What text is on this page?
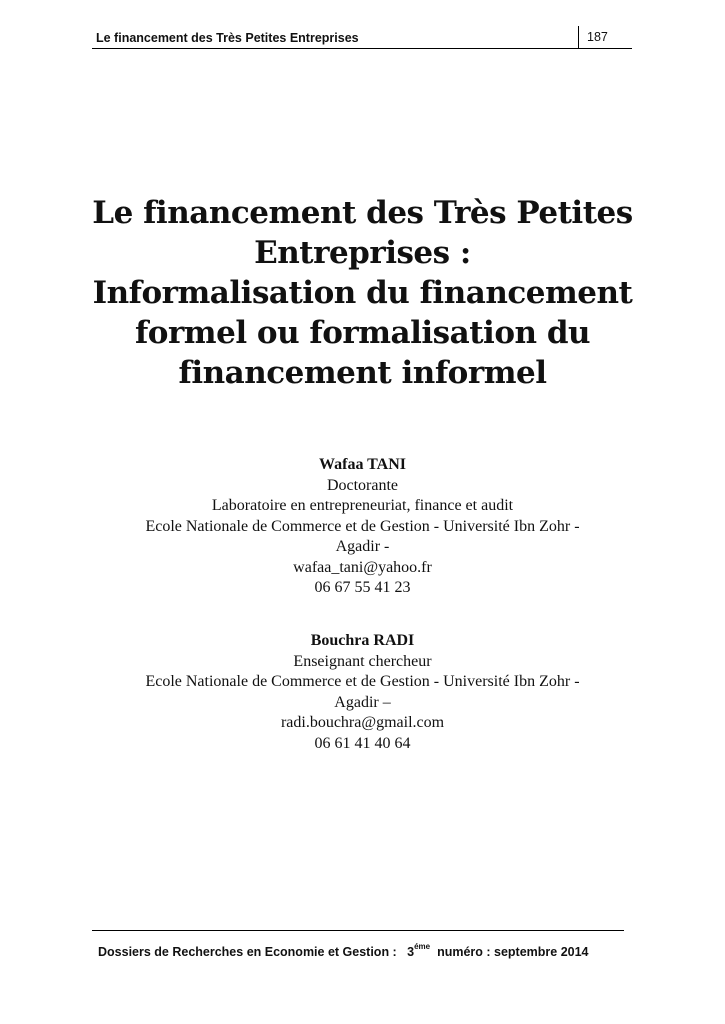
Le financement des Très Petites Entreprises	187
Le financement des Très Petites
Entreprises :
Informalisation du financement
formel ou formalisation du
financement informel
Wafaa TANI
Doctorante
Laboratoire en entrepreneuriat, finance et audit
Ecole Nationale de Commerce et de Gestion - Université Ibn Zohr -
Agadir -
wafaa_tani@yahoo.fr
06 67 55 41 23
Bouchra RADI
Enseignant chercheur
Ecole Nationale de Commerce et de Gestion - Université Ibn Zohr -
Agadir –
radi.bouchra@gmail.com
06 61 41 40 64
Dossiers de Recherches en Economie et Gestion : $3^{éme}$ numéro : septembre 2014
